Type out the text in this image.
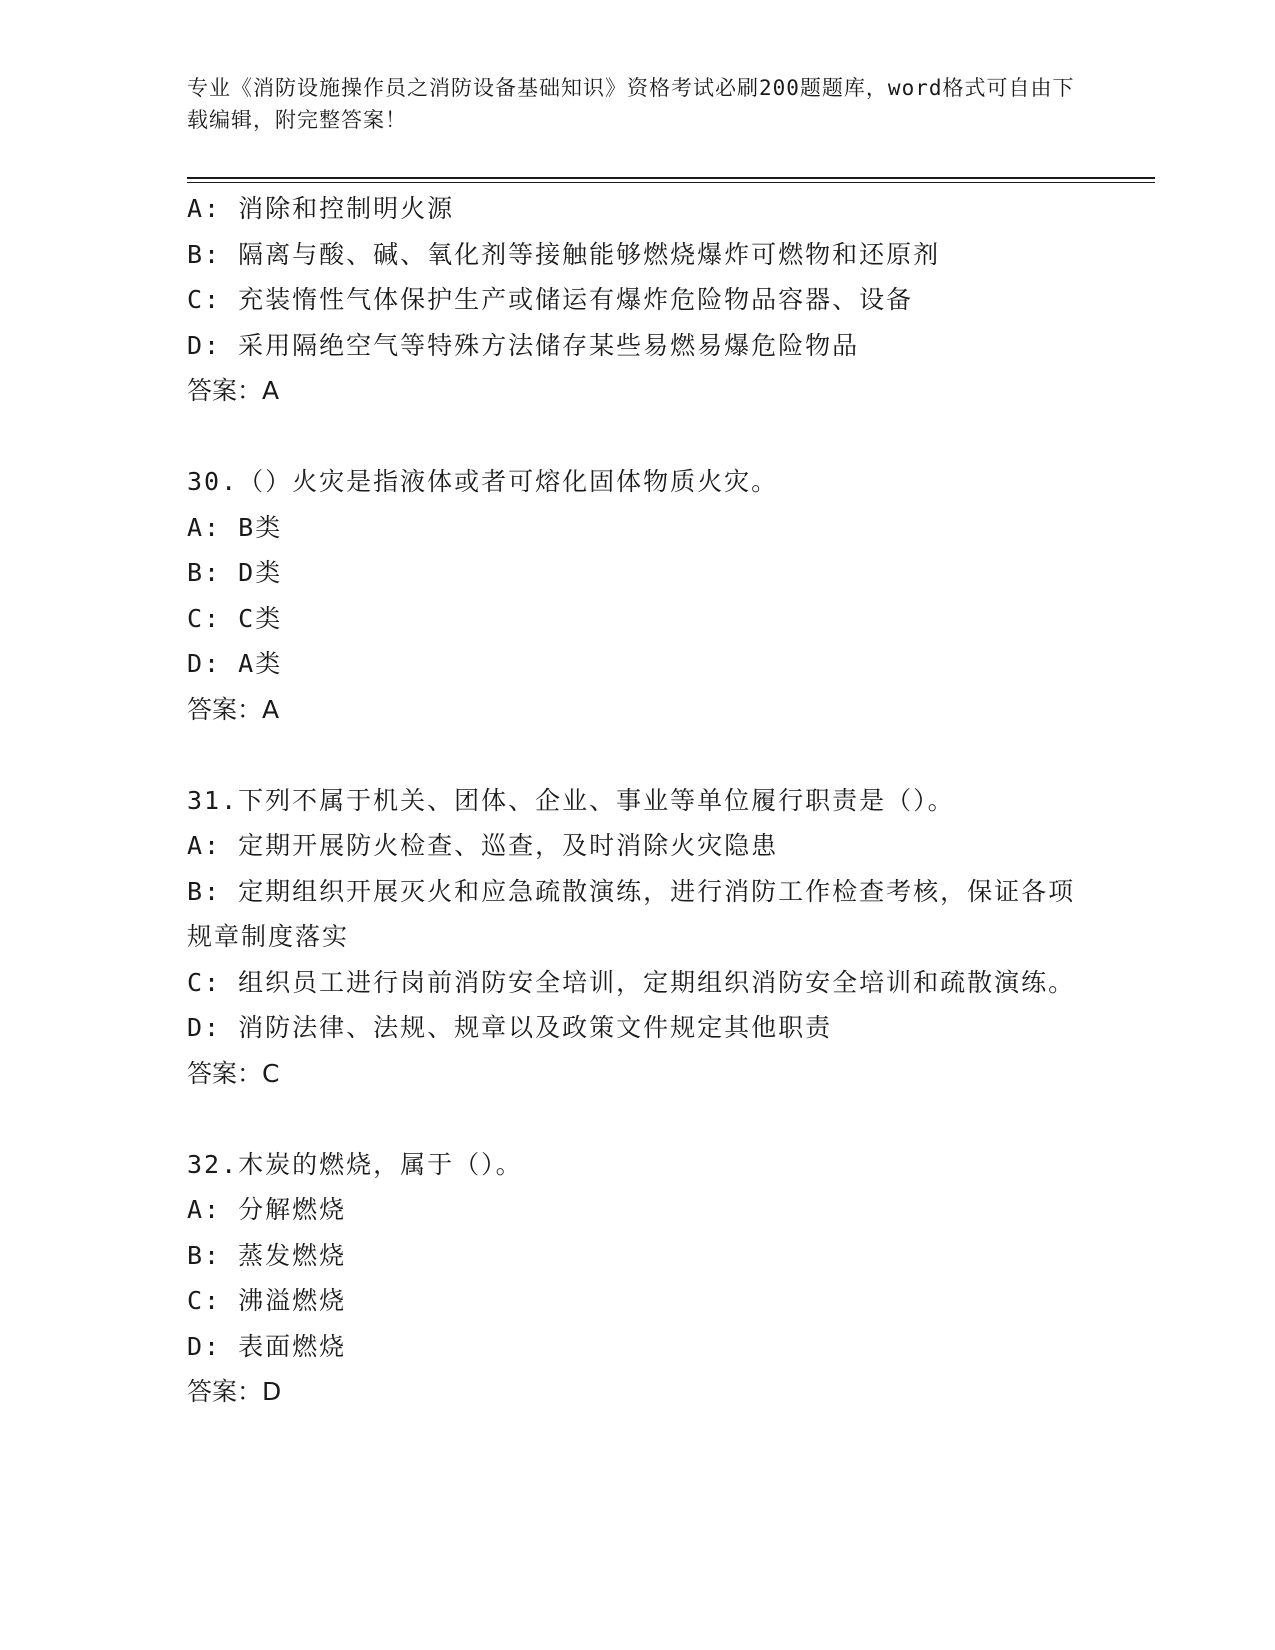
专业《消防设施操作员之消防设备基础知识》资格考试必刷200题题库，word格式可自由下载编辑，附完整答案！

A: 消除和控制明火源

B: 隔离与酸、碱、氧化剂等接触能够燃烧爆炸可燃物和还原剂

C: 充装惰性气体保护生产或储运有爆炸危险物品容器、设备

D: 采用隔绝空气等特殊方法储存某些易燃易爆危险物品

答案：A

30.（）火灾是指液体或者可熔化固体物质火灾。

A: B类

B: D类

C: C类

D: A类

答案：A

31.下列不属于机关、团体、企业、事业等单位履行职责是（）。

A: 定期开展防火检查、巡查，及时消除火灾隐患

B: 定期组织开展灭火和应急疏散演练，进行消防工作检查考核，保证各项规章制度落实

C: 组织员工进行岗前消防安全培训，定期组织消防安全培训和疏散演练。

D: 消防法律、法规、规章以及政策文件规定其他职责

答案：C

32.木炭的燃烧，属于（）。

A: 分解燃烧

B: 蒸发燃烧

C: 沸溢燃烧

D: 表面燃烧

答案：D
